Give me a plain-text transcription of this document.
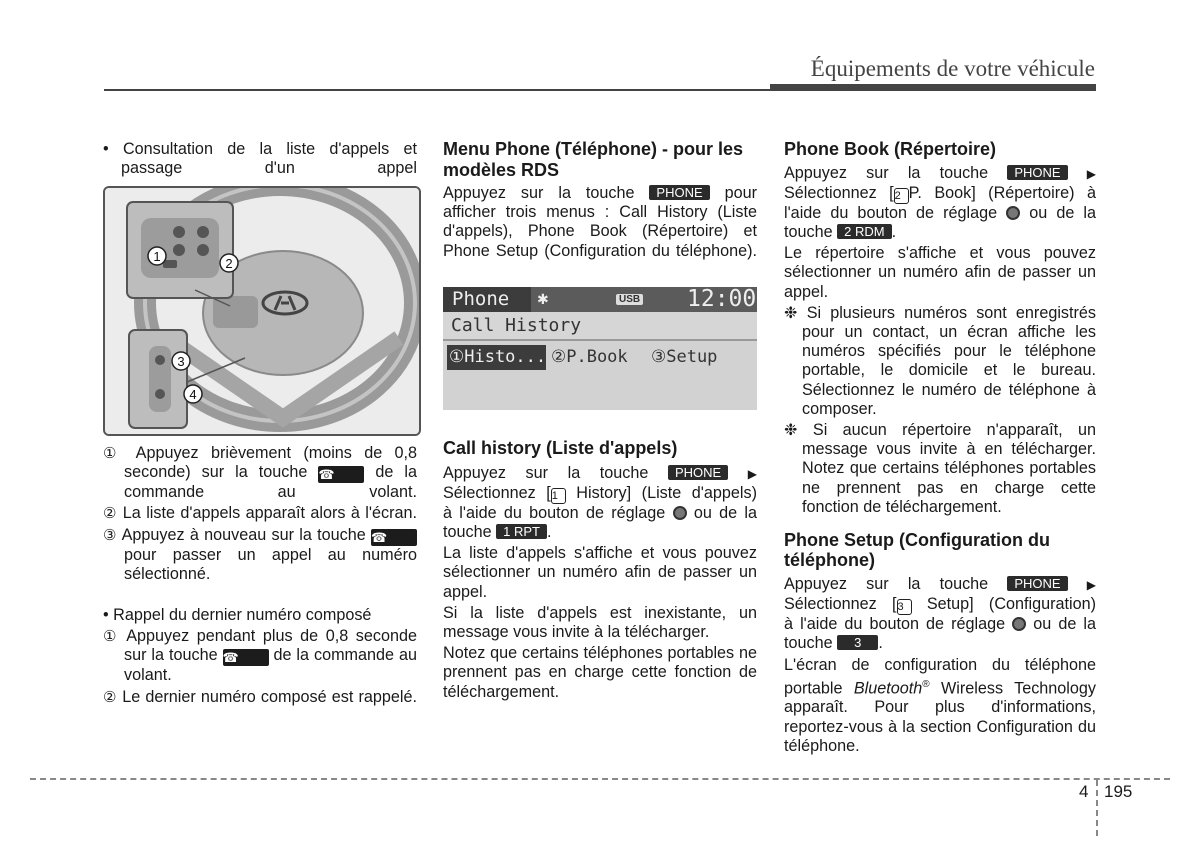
Équipements de votre véhicule

• Consultation de la liste d'appels et passage d'un appel

1	2
3
4

① Appuyez brièvement (moins de 0,8 seconde) sur la touche ☎	de la commande au volant.

② La liste d'appels apparaît alors à l'écran.

③ Appuyez à nouveau sur la touche ☎ pour passer un appel au numéro sélectionné.

• Rappel du dernier numéro composé

① Appuyez pendant plus de 0,8 seconde sur la touche ☎ de la commande au volant.

② Le dernier numéro composé est rappelé.

Menu Phone (Téléphone) - pour les modèles RDS

Appuyez sur la touche PHONE pour afficher trois menus : Call History (Liste d'appels), Phone Book (Répertoire) et Phone Setup (Configuration du téléphone).

Phone ✱	USB 12:00
Call History
①Histo... ②P.Book ③Setup

Call history (Liste d'appels)

Appuyez sur la touche PHONE ▶

Sélectionnez [1 History] (Liste d'appels)

à l'aide du bouton de réglage ou de la

touche 1 RPT .

La liste d'appels s'affiche et vous pouvez sélectionner un numéro afin de passer un appel.

Si la liste d'appels est inexistante, un message vous invite à la télécharger.

Notez que certains téléphones portables ne prennent pas en charge cette fonction de téléchargement.

Phone Book (Répertoire)

Appuyez sur la touche PHONE ▶

Sélectionnez [2 P. Book] (Répertoire) à

l'aide du bouton de réglage ou de la

touche 2 RDM .

Le répertoire s'affiche et vous pouvez sélectionner un numéro afin de passer un appel.

❉ Si plusieurs numéros sont enregistrés pour un contact, un écran affiche les numéros spécifiés pour le téléphone portable, le domicile et le bureau. Sélectionnez le numéro de téléphone à composer.

❉ Si aucun répertoire n'apparaît, un message vous invite à en télécharger. Notez que certains téléphones portables ne prennent pas en charge cette fonction de téléchargement.

Phone Setup (Configuration du téléphone)

Appuyez sur la touche PHONE ▶

Sélectionnez [3 Setup] (Configuration)

à l'aide du bouton de réglage ou de la

touche 3 .

L'écran de configuration du téléphone portable Bluetooth® Wireless Technology apparaît. Pour plus d'informations, reportez-vous à la section Configuration du téléphone.

4 195
